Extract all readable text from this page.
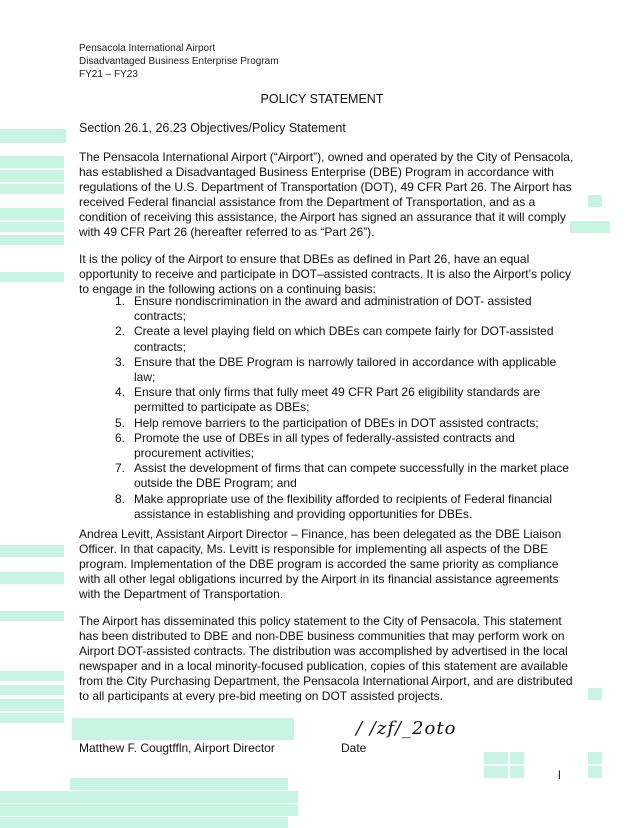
Pensacola International Airport
Disadvantaged Business Enterprise Program
FY21 – FY23
POLICY STATEMENT
Section 26.1, 26.23 Objectives/Policy Statement
The Pensacola International Airport (“Airport”), owned and operated by the City of Pensacola, has established a Disadvantaged Business Enterprise (DBE) Program in accordance with regulations of the U.S. Department of Transportation (DOT), 49 CFR Part 26. The Airport has received Federal financial assistance from the Department of Transportation, and as a condition of receiving this assistance, the Airport has signed an assurance that it will comply with 49 CFR Part 26 (hereafter referred to as “Part 26”).
It is the policy of the Airport to ensure that DBEs as defined in Part 26, have an equal opportunity to receive and participate in DOT–assisted contracts. It is also the Airport’s policy to engage in the following actions on a continuing basis:
1. Ensure nondiscrimination in the award and administration of DOT- assisted contracts;
2. Create a level playing field on which DBEs can compete fairly for DOT-assisted contracts;
3. Ensure that the DBE Program is narrowly tailored in accordance with applicable law;
4. Ensure that only firms that fully meet 49 CFR Part 26 eligibility standards are permitted to participate as DBEs;
5. Help remove barriers to the participation of DBEs in DOT assisted contracts;
6. Promote the use of DBEs in all types of federally-assisted contracts and procurement activities;
7. Assist the development of firms that can compete successfully in the market place outside the DBE Program; and
8. Make appropriate use of the flexibility afforded to recipients of Federal financial assistance in establishing and providing opportunities for DBEs.
Andrea Levitt, Assistant Airport Director – Finance, has been delegated as the DBE Liaison Officer. In that capacity, Ms. Levitt is responsible for implementing all aspects of the DBE program. Implementation of the DBE program is accorded the same priority as compliance with all other legal obligations incurred by the Airport in its financial assistance agreements with the Department of Transportation.
The Airport has disseminated this policy statement to the City of Pensacola. This statement has been distributed to DBE and non-DBE business communities that may perform work on Airport DOT-assisted contracts. The distribution was accomplished by advertised in the local newspaper and in a local minority-focused publication, copies of this statement are available from the City Purchasing Department, the Pensacola International Airport, and are distributed to all participants at every pre-bid meeting on DOT assisted projects.
/ /zf/_2oto
Matthew F. Cougtffln, Airport Director	Date
l
